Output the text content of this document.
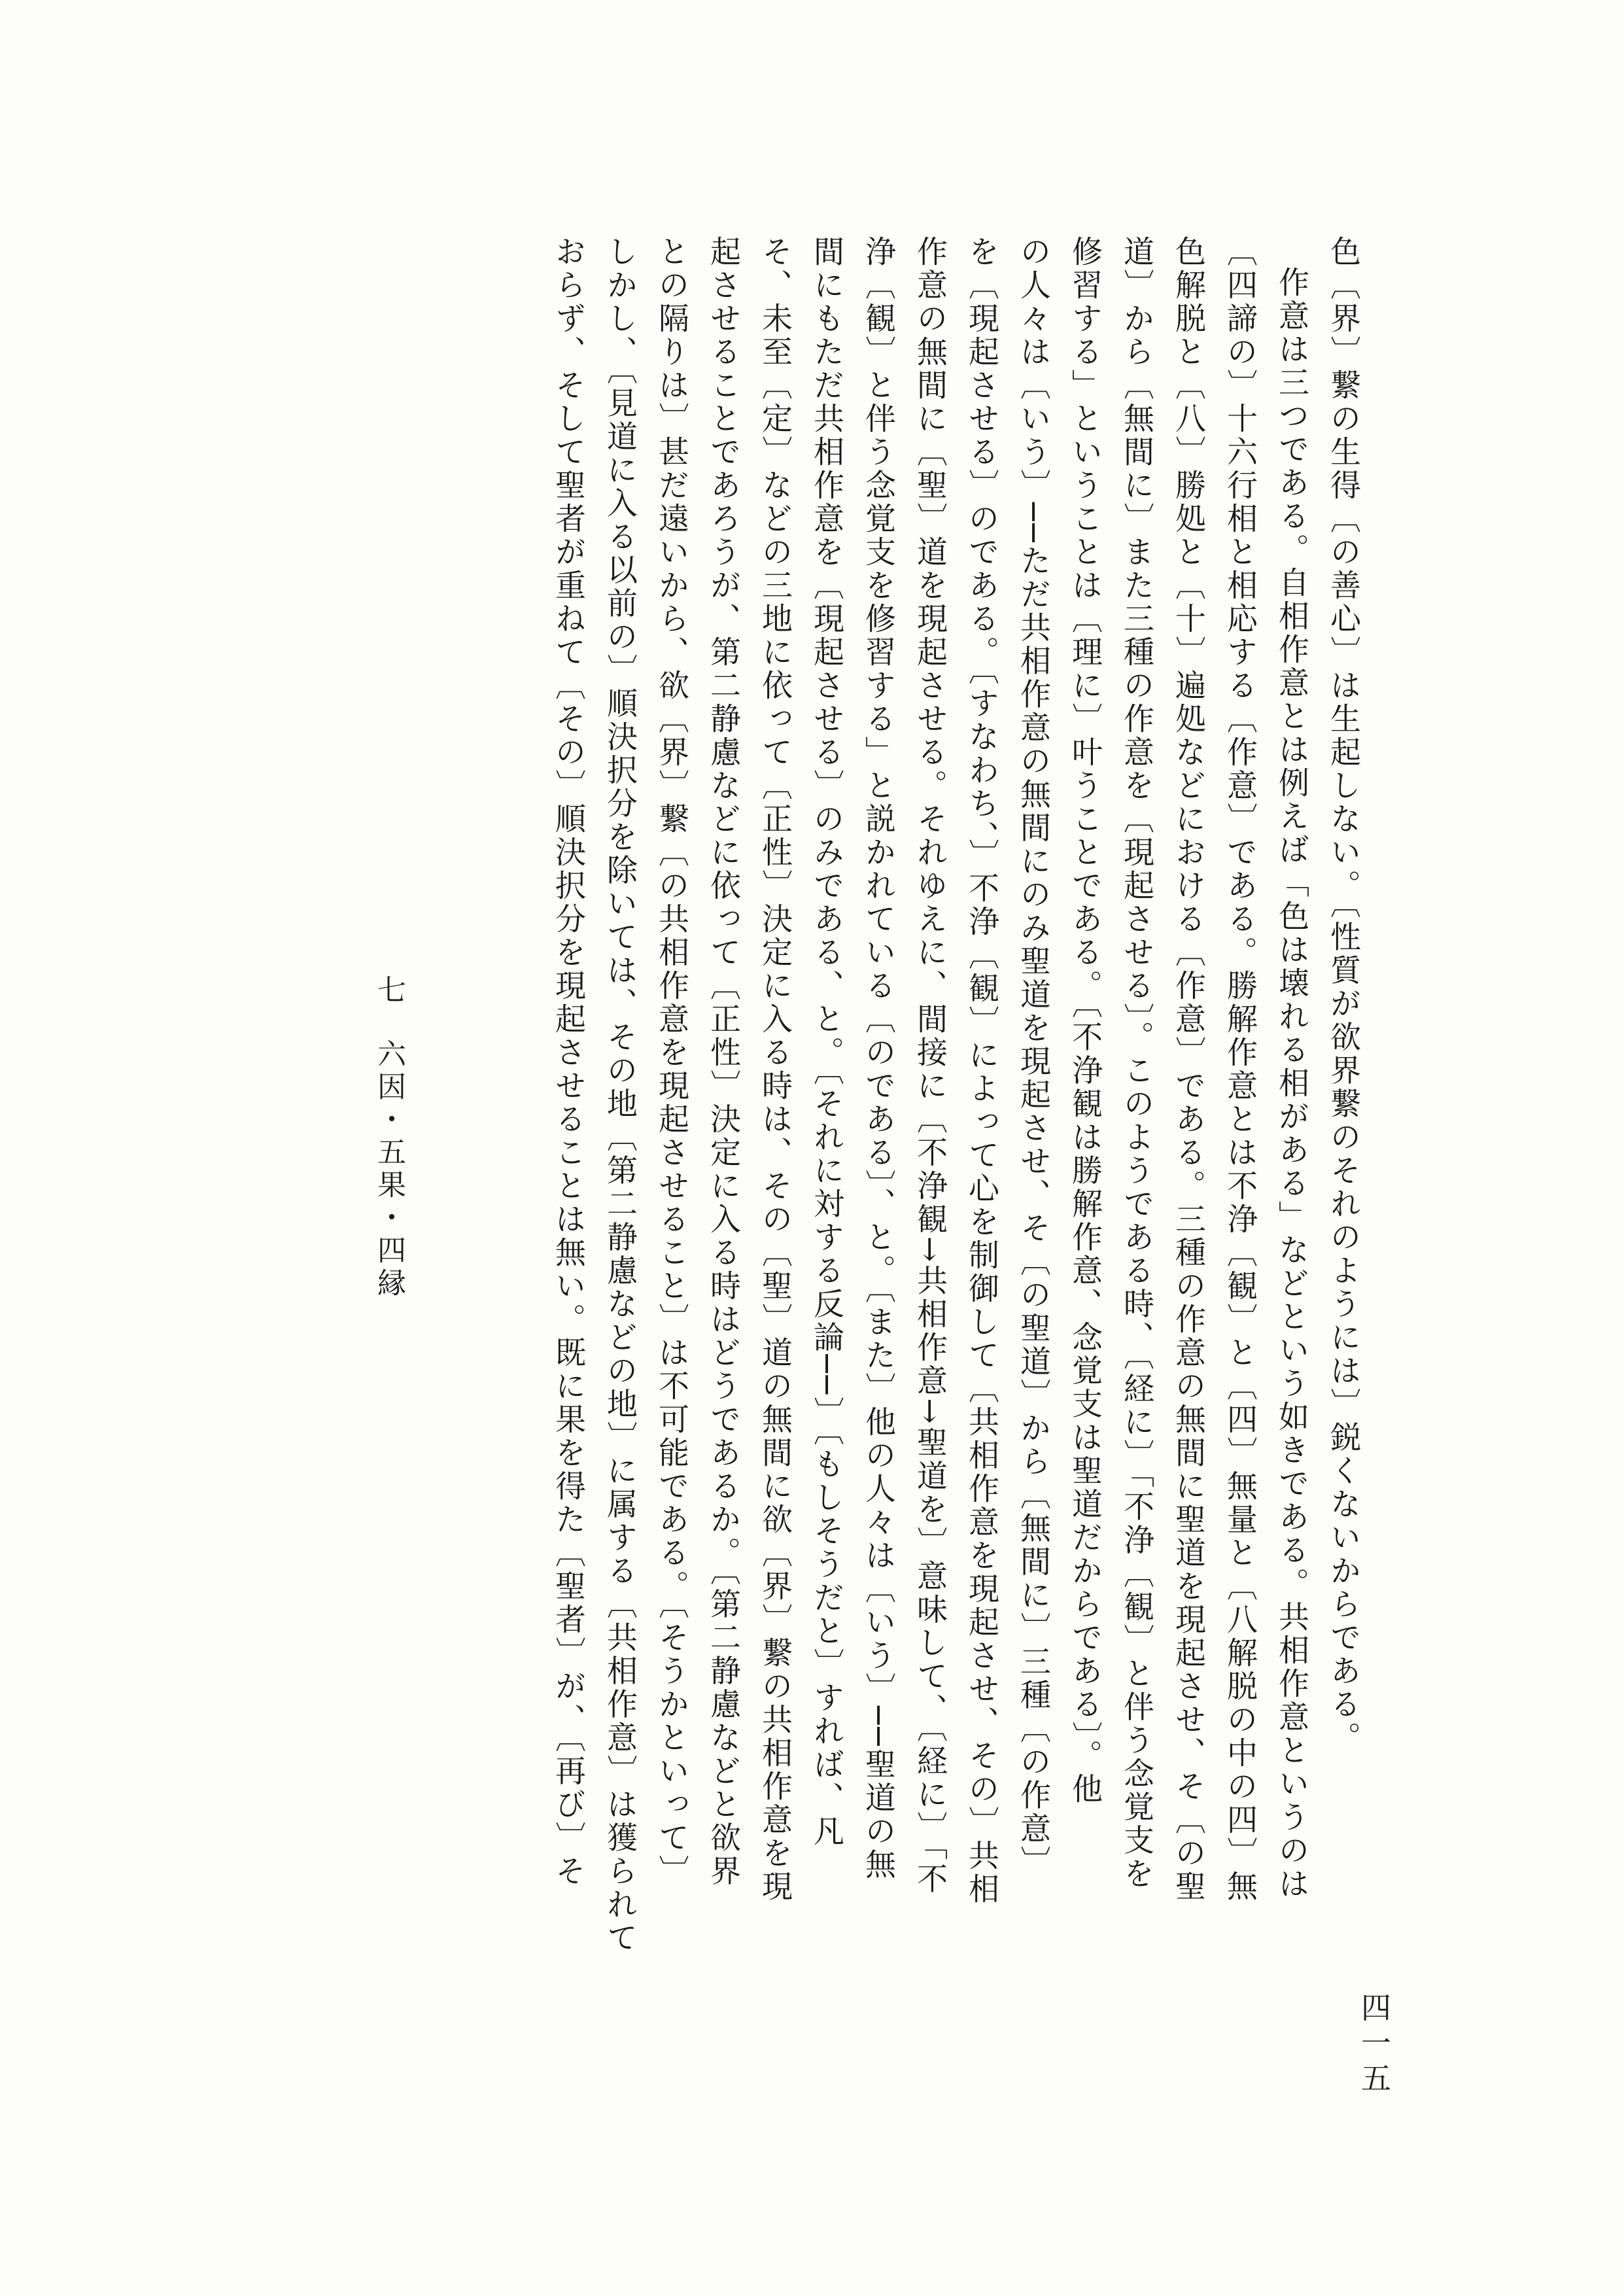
色〔界〕繋の生得〔の善心〕は生起しない。〔性質が欲界繋のそれのようには〕鋭くないからである。
作意は三つである。自相作意とは例えば「色は壊れる相がある」などという如きである。共相作意というのは
〔四諦の〕十六行相と相応する〔作意〕である。勝解作意とは不浄〔観〕と〔四〕無量と〔八解脱の中の四〕無
色解脱と〔八〕勝処と〔十〕遍処などにおける〔作意〕である。三種の作意の無間に聖道を現起させ、そ〔の聖
道〕から〔無間に〕また三種の作意を〔現起させる〕。このようである時、〔経に〕「不浄〔観〕と伴う念覚支を
修習する」ということは〔理に〕叶うことである。〔不浄観は勝解作意、念覚支は聖道だからである〕。他
の人々は〔いう〕──ただ共相作意の無間にのみ聖道を現起させ、そ〔の聖道〕から〔無間に〕三種〔の作意〕
を〔現起させる〕のである。〔すなわち、〕不浄〔観〕によって心を制御して〔共相作意を現起させ、その〕共相
作意の無間に〔聖〕道を現起させる。それゆえに、間接に〔不浄観→共相作意→聖道を〕意味して、〔経に〕「不
浄〔観〕と伴う念覚支を修習する」と説かれている〔のである〕、と。〔また〕他の人々は〔いう〕──聖道の無
間にもただ共相作意を〔現起させる〕のみである、と。〔それに対する反論──〕〔もしそうだと〕すれば、凡
そ、未至〔定〕などの三地に依って〔正性〕決定に入る時は、その〔聖〕道の無間に欲〔界〕繋の共相作意を現
起させることであろうが、第二静慮などに依って〔正性〕決定に入る時はどうであるか。〔第二静慮などと欲界
との隔りは〕甚だ遠いから、欲〔界〕繋〔の共相作意を現起させること〕は不可能である。〔そうかといって〕
しかし、〔見道に入る以前の〕順決択分を除いては、その地〔第二静慮などの地〕に属する〔共相作意〕は獲られて
おらず、そして聖者が重ねて〔その〕順決択分を現起させることは無い。既に果を得た〔聖者〕が、〔再び〕そ
四一五
七 六因・五果・四縁
